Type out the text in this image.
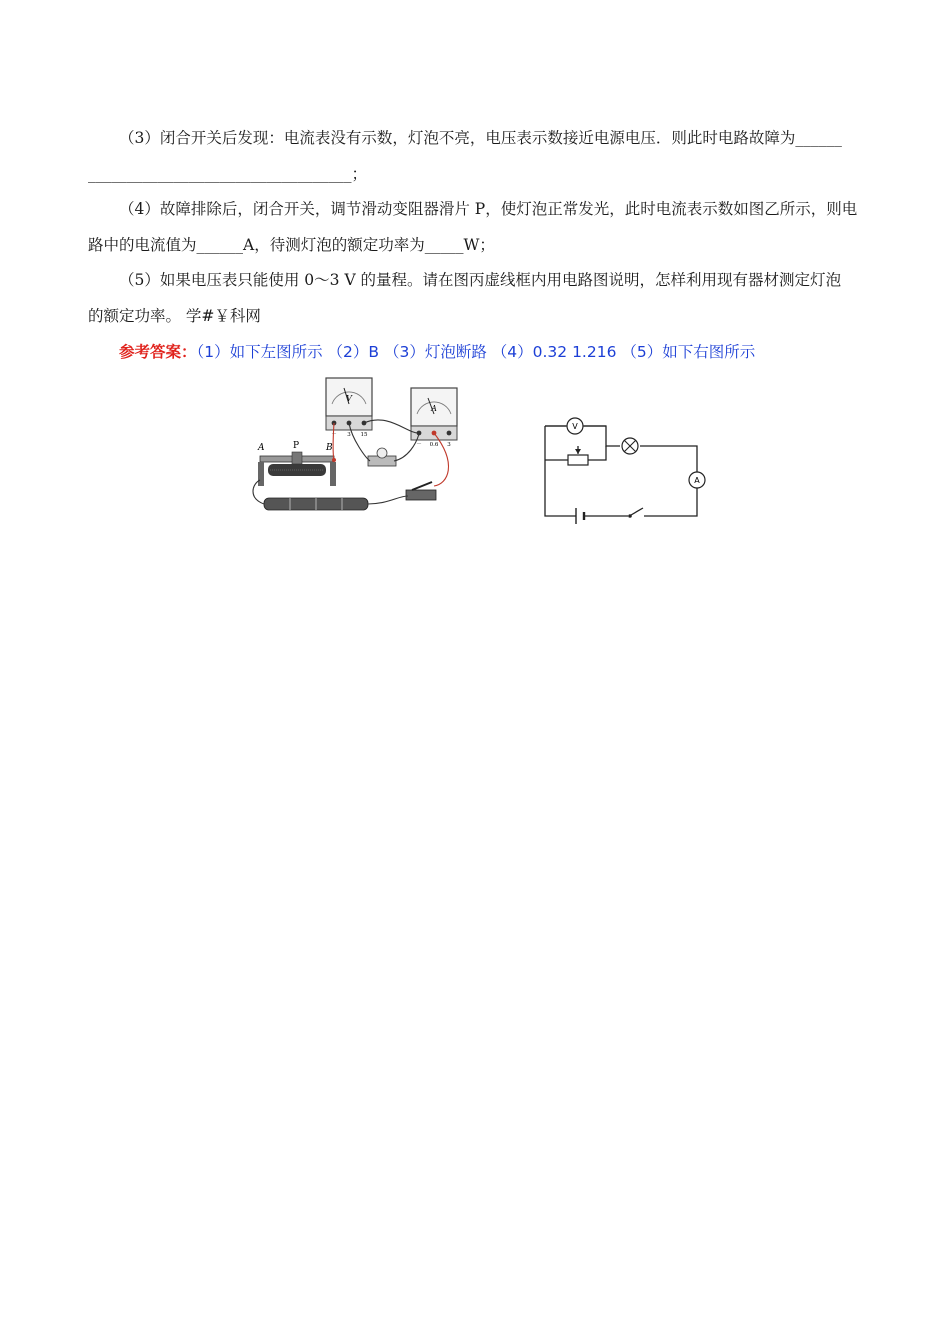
（3）闭合开关后发现：电流表没有示数，灯泡不亮，电压表示数接近电源电压．则此时电路故障为______
__________________________________；
（4）故障排除后，闭合开关，调节滑动变阻器滑片 P，使灯泡正常发光，此时电流表示数如图乙所示，则电
路中的电流值为______A，待测灯泡的额定功率为_____W；
（5）如果电压表只能使用 0～3 V 的量程。请在图丙虚线框内用电路图说明，怎样利用现有器材测定灯泡
的额定功率。 学#￥科网
参考答案：（1）如下左图所示 （2）B （3）灯泡断路 （4）0.32 1.216 （5）如下右图所示
V
－ 3 15
A
－ 0.6 3
A	P	B
V
A
